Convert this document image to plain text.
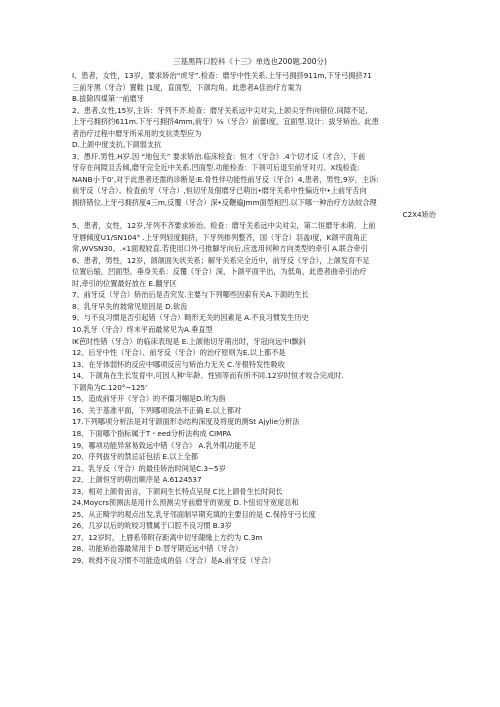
三基黑阵口腔科《十三》单选也200题.200分)
I、患者，女性，13岁，要求矫治“虎牙”.检查：磨牙中性关系.上牙弓拥挤911m,下牙弓拥挤71
三前牙黑（牙合）置鞋 |1度，直面型，下颌均角。此患者A佳治疗方案为
B.拔除四煤第一前磨牙
2、患者,女性,15岁,主诉：牙列不齐.检查：磨牙关系远中尖对尖,上颌尖牙件向错位.间隙不足,
上牙弓拥挤约611m.下牙弓拥挤4mm,前牙）⅛（牙合）前蕾I度，宜面型.设计：拔牙矫治。此患
者治疗过程中磨牙所采用的支抗类型应为
D.上颌中度支抗,下颌弱支抗
3、愚玕.男性.H岁.因 “地包天” 要求矫治.临床检査：恒才《牙合》.4个切才反（才合），下前
牙存在间隙且舌倾,磨牙完全近中关系.凹面型.功能检查：下领可后退至前牙对刃。X线检査:
NANB小于0’,对于此患者还需的诊断是:E.骨性伴功能性前牙反（牙合）4,患者，男性,9岁，主诉:
前牙反（牙合）。检査前牙（牙合）,恒切牙及佃磨牙已萌出•磨牙关系中性偏近中•上前牙舌向
拥挤错位.上牙弓拥挤度4三m,反覆（牙合）深•反鞭遍Jmm面型相凹.以下哪一种治疗方法较合理
C2X4矫治
5、患者，女性，12岁,牙列不齐要求矫治。检查：磨牙关系远中尖对尖，第二恒磨牙未萌．上前
牙唇倾度U1/SN104° .上牙列轻度拥挤，下牙列排列整齐，国（牙合）羽盖I度，K颌平面角正
常,WVSN30。.«1面观较直.若使用口外弓推脚牙向后,应选用何种方向类型的牵引 A.联合牵引
6、患者，男性，12岁，颌颌面矢状关系；解牙关系完全近中，前牙反《牙合），上颌发育不足
位置后缩，凹面型。垂身关系：反覆《牙合）深，卜颌平面平出，为低角，此患者曲牵引治疗
时,牵引的位置最好放在 E.翻牙区
7、前牙反（牙合）矫治后是否究发.主要与下列哪些因索有关A.下颌的生长
8、乳牙早失的坡常见原因是 D.欲齿
9、与不良习惯是否引起错（牙合）畸形无关的因素是 A.不良习惯发生历史
10.乳牙（牙合）终末平而最常见为A.垂直型
IK芭时性错（牙合）的临床表现是 E.上颌他切牙萌出时，牙冠向远中I飘斜
12、后牙中性（牙合）、前牙反（牙合）的治疗原则为E.以上都不是
13、在牙体弱怀的反应中哪项反应与矫治力无关 C.牙根特发性吸收
14、下颌角在生长发育中,可因人种'年龄、性别等而有所不同.12岁时恒才咬合完成时.
下颌角为C.120°~125'
15、造成前牙开《牙合）的不僵习帼是D.吮为指
16、关于基准平面，下列哪项说法不正确 E.以上都对
17.下列哪项分析法是对牙颌面形态结构深度及将度的测St Ajylie分析法
18、下面哪个指标属于T・eed分析法构成 CIMPA
19、哪项功能异常易致远中错《牙合》 A.乳外肌功能不足
20、序列拔牙的禁忌证包括 E.以上全都
21、乳牙反（牙合）的最佳矫治时间是C.3~5岁
22、上颌恒牙的萌出顺序是 A.6124537
23、相对上颌骨而言，下颌间生长特点呈现 C比上颌骨生长时间长
24,Moycrs预测法是用什么预测尖牙前磨牙的宽度 D.卜忸切牙宽度总和
25、从正畸学的观点出发,乳牙邻面制早期充填的主要目的是 C.保持牙弓长度
26、几岁以后的吮咬习惯属于口腔不良习惯 B.3岁
27、12岁时，上唇系带附存距离中切牙龈缘上方约为 C.3m
28、功能矫治器最常用于 D.替牙期近远中错（牙合）
29、吮拇不良习惯不可能造成的倍（牙合）是A.前牙反（牙合）
